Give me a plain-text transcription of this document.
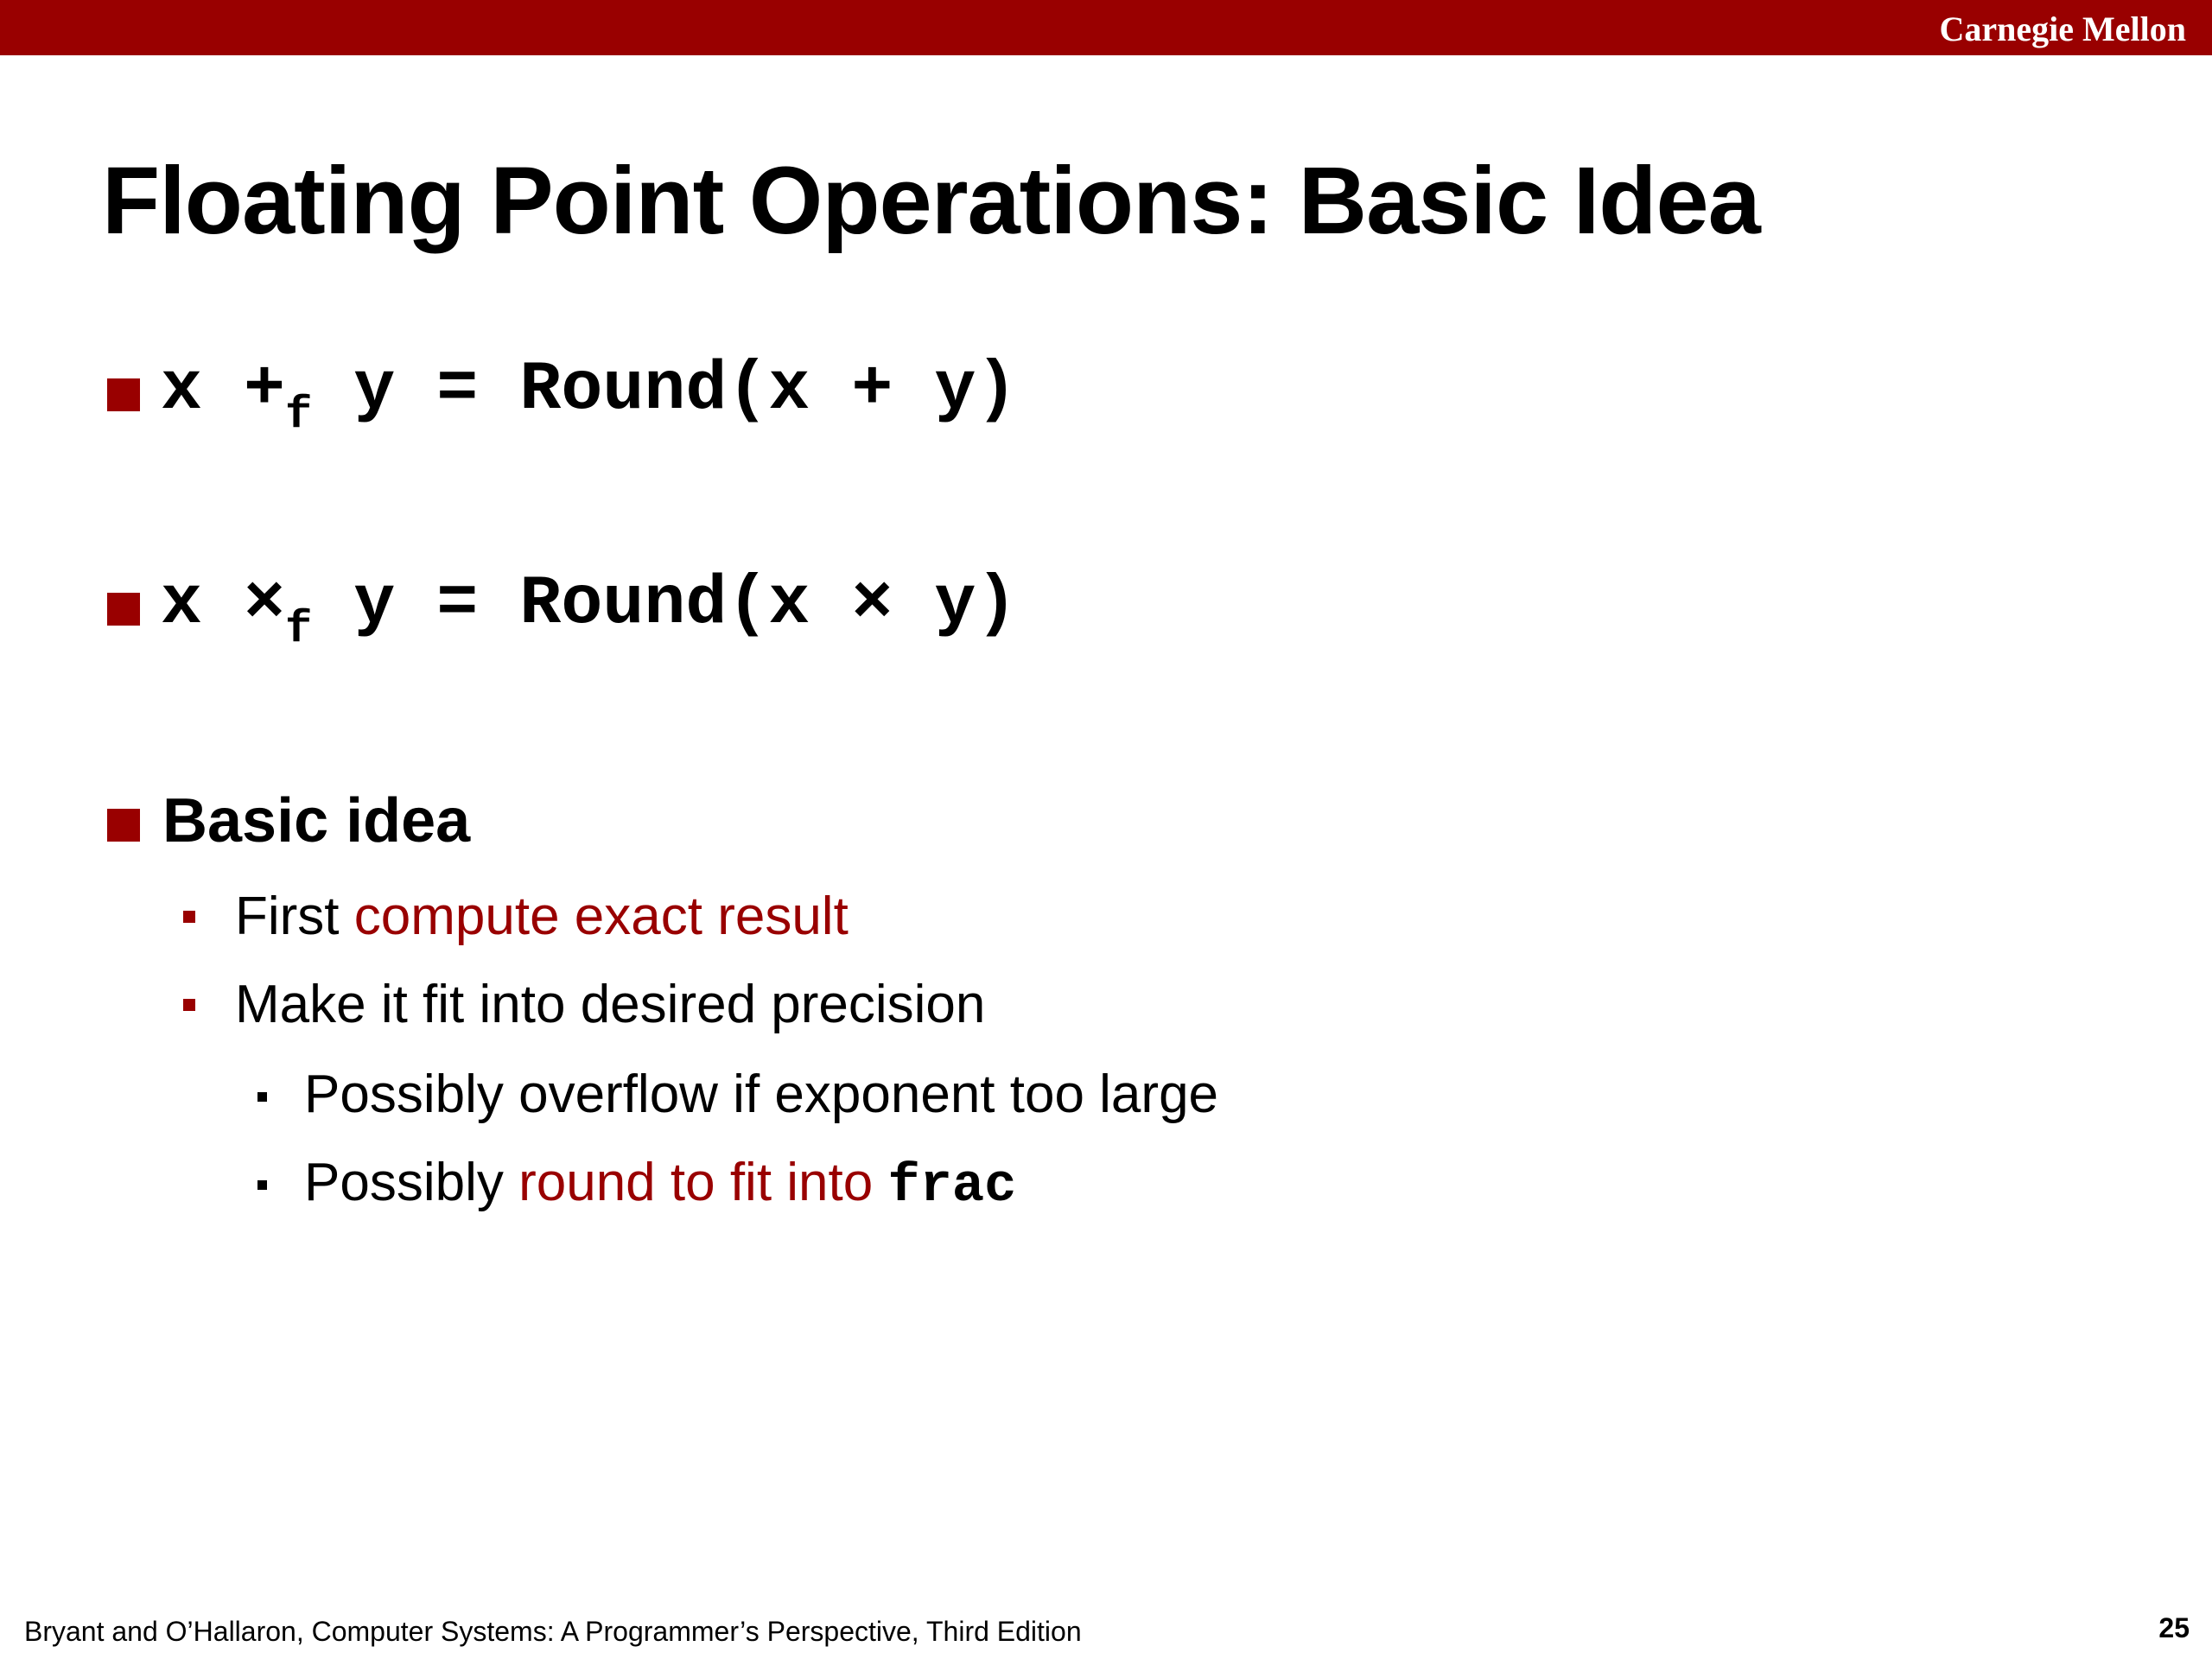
Carnegie Mellon
Floating Point Operations: Basic Idea
$x +_f$ y = Round(x + y)
$x \times_f$ y = Round(x × y)
Basic idea
First compute exact result
Make it fit into desired precision
Possibly overflow if exponent too large
Possibly round to fit into frac
Bryant and O’Hallaron, Computer Systems: A Programmer’s Perspective, Third Edition	25
